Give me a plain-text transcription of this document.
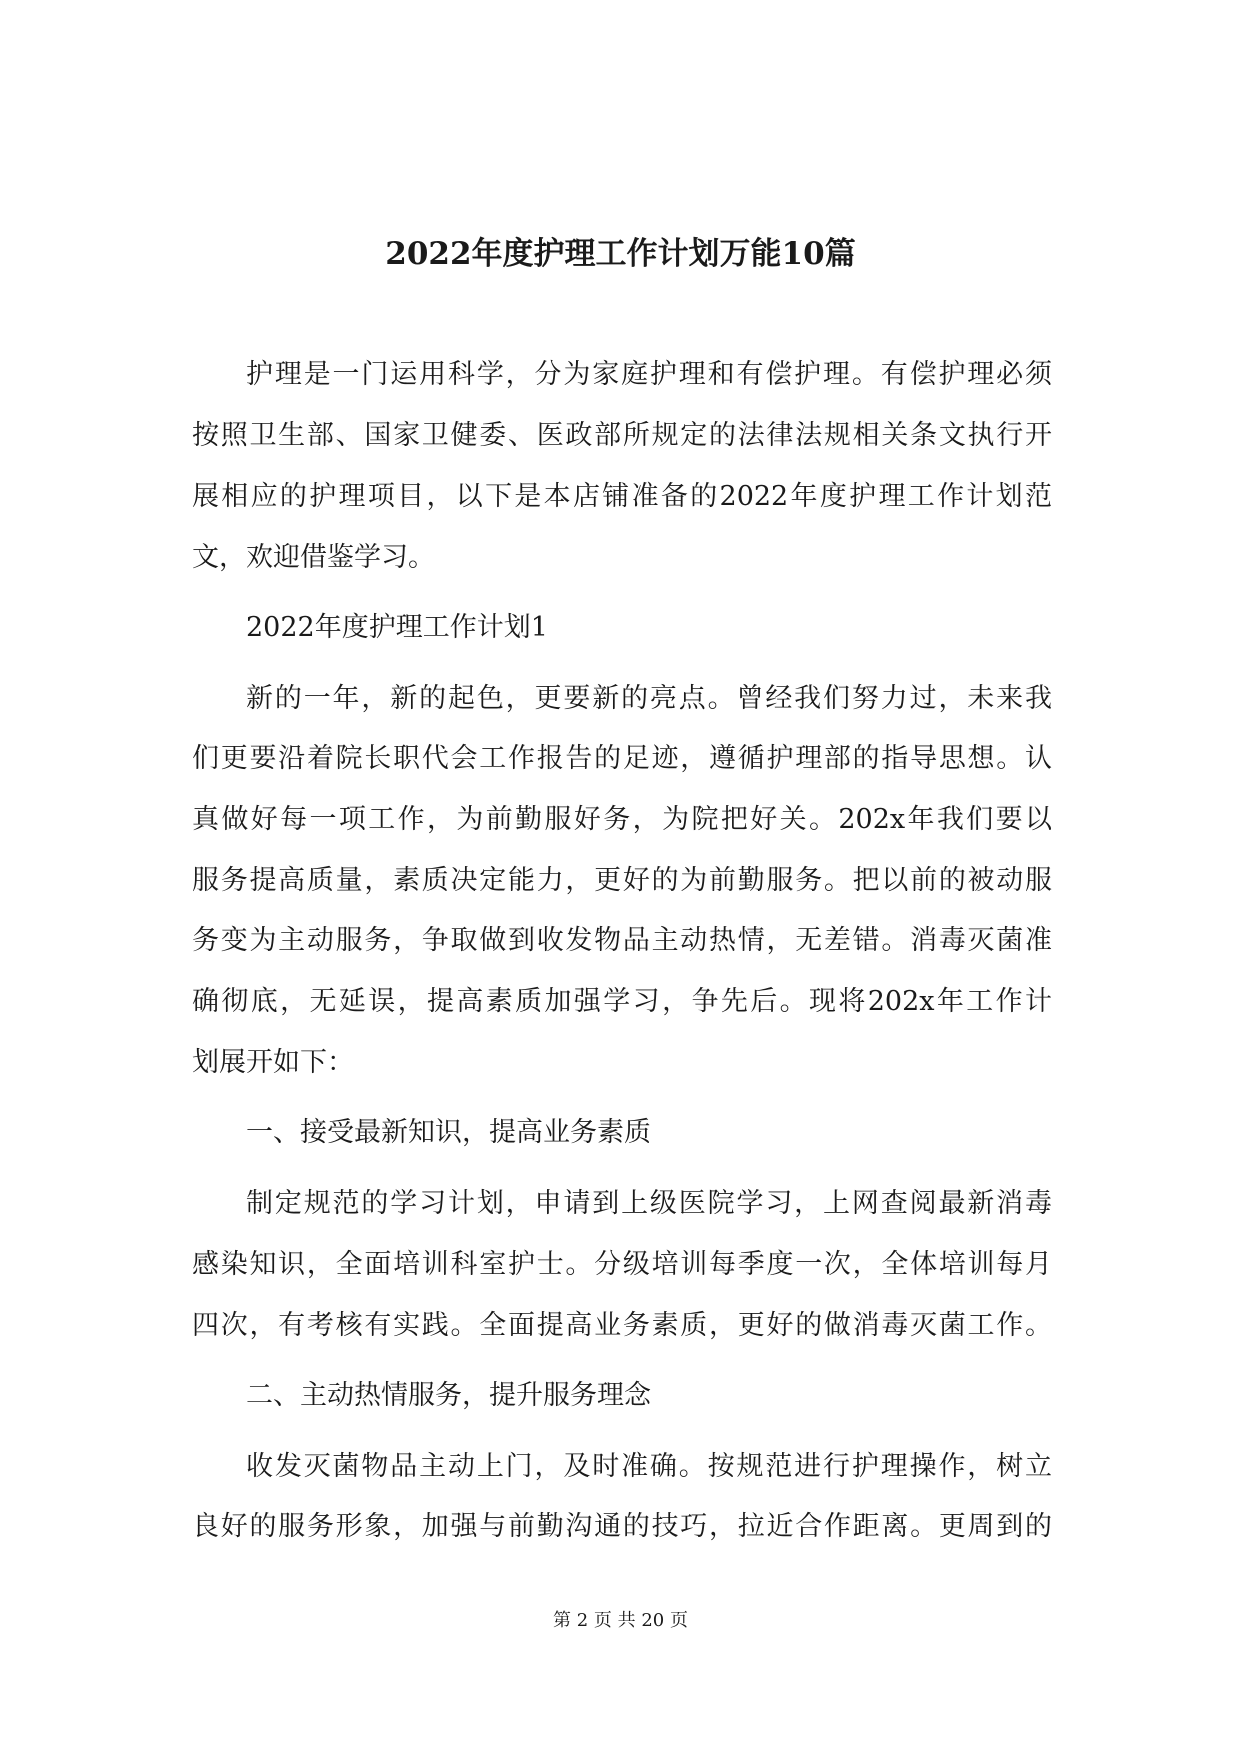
2022年度护理工作计划万能10篇
护理是一门运用科学，分为家庭护理和有偿护理。有偿护理必须
按照卫生部、国家卫健委、医政部所规定的法律法规相关条文执行开
展相应的护理项目，以下是本店铺准备的2022年度护理工作计划范
文，欢迎借鉴学习。
2022年度护理工作计划1
新的一年，新的起色，更要新的亮点。曾经我们努力过，未来我
们更要沿着院长职代会工作报告的足迹，遵循护理部的指导思想。认
真做好每一项工作，为前勤服好务，为院把好关。202x年我们要以
服务提高质量，素质决定能力，更好的为前勤服务。把以前的被动服
务变为主动服务，争取做到收发物品主动热情，无差错。消毒灭菌准
确彻底，无延误，提高素质加强学习，争先后。现将202x年工作计
划展开如下：
一、接受最新知识，提高业务素质
制定规范的学习计划，申请到上级医院学习，上网查阅最新消毒
感染知识，全面培训科室护士。分级培训每季度一次，全体培训每月
四次，有考核有实践。全面提高业务素质，更好的做消毒灭菌工作。
二、主动热情服务，提升服务理念
收发灭菌物品主动上门，及时准确。按规范进行护理操作，树立
良好的服务形象，加强与前勤沟通的技巧，拉近合作距离。更周到的
第 2 页 共 20 页
